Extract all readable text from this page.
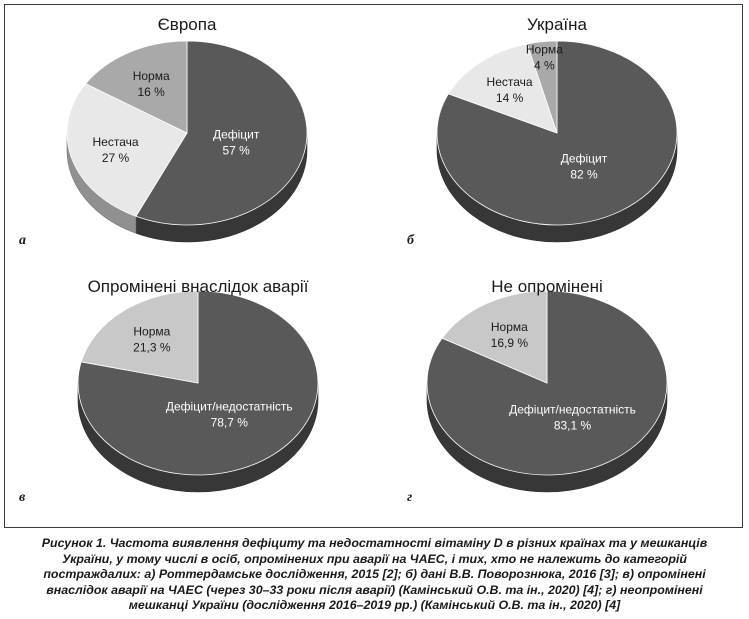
Дефіцит
57 %
Нестача
27 %
Норма
16 %
Європа
а
Дефіцит
82 %
Нестача
14 %
Норма
4 %
Україна
б
Дефіцит/недостатність
78,7 %
Норма
21,3 %
Опромінені внаслідок аварії
в
Дефіцит/недостатність
83,1 %
Норма
16,9 %
Не опромінені
г
Рисунок 1. Частота виявлення дефіциту та недостатності вітаміну D в різних країнах та у мешканців
України, у тому числі в осіб, опромінених при аварії на ЧАЕС, і тих, хто не належить до категорій
постраждалих: а) Роттердамське дослідження, 2015 [2]; б) дані В.В. Поворознюка, 2016 [3]; в) опромінені
внаслідок аварії на ЧАЕС (через 30–33 роки після аварії) (Камінський О.В. та ін., 2020) [4]; г) неопромінені
мешканці України (дослідження 2016–2019 рр.) (Камінський О.В. та ін., 2020) [4]
